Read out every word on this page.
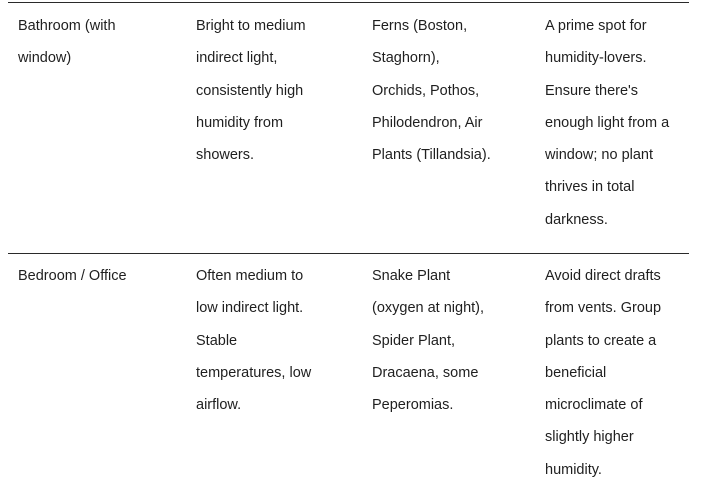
Bathroom (with
window)
Bright to medium
indirect light,
consistently high
humidity from
showers.
Ferns (Boston,
Staghorn),
Orchids, Pothos,
Philodendron, Air
Plants (Tillandsia).
A prime spot for
humidity-lovers.
Ensure there's
enough light from a
window; no plant
thrives in total
darkness.
Bedroom / Office	Often medium to
low indirect light.
Stable
temperatures, low
airflow.
Snake Plant
(oxygen at night),
Spider Plant,
Dracaena, some
Peperomias.
Avoid direct drafts
from vents. Group
plants to create a
beneficial
microclimate of
slightly higher
humidity.
